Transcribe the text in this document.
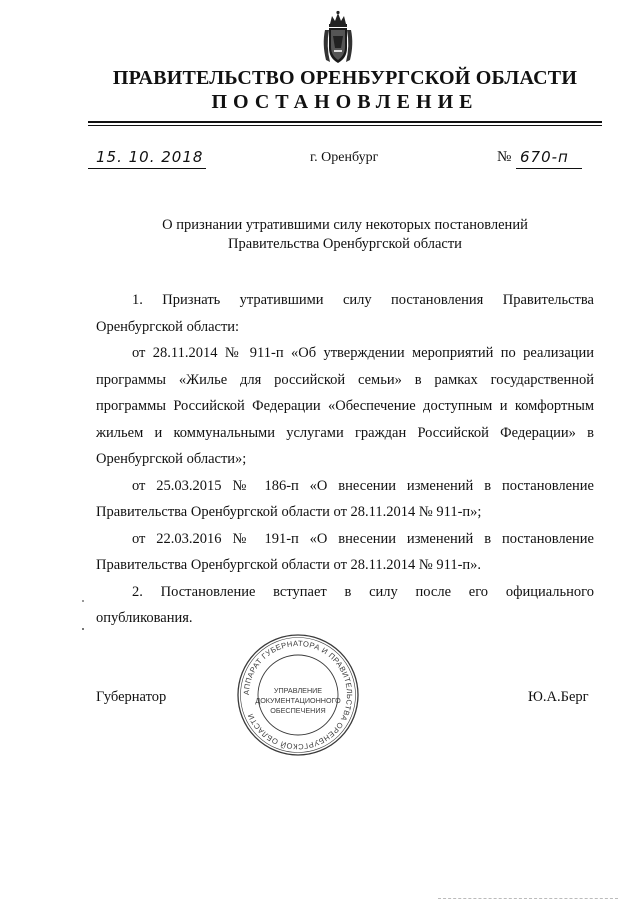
ПРАВИТЕЛЬСТВО ОРЕНБУРГСКОЙ ОБЛАСТИ
ПОСТАНОВЛЕНИЕ
15. 10. 2018	г. Оренбург	№ 670-п
О признании утратившими силу некоторых постановлений
Правительства Оренбургской области

1. Признать утратившими силу постановления Правительства Оренбургской области:

от 28.11.2014 № 911-п «Об утверждении мероприятий по реализации программы «Жилье для российской семьи» в рамках государственной программы Российской Федерации «Обеспечение доступным и комфортным жильем и коммунальными услугами граждан Российской Федерации» в Оренбургской области»;

от 25.03.2015 № 186-п «О внесении изменений в постановление Правительства Оренбургской области от 28.11.2014 № 911-п»;

от 22.03.2016 № 191-п «О внесении изменений в постановление Правительства Оренбургской области от 28.11.2014 № 911-п».

2. Постановление вступает в силу после его официального опубликования.

Губернатор	Ю.А.Берг
АППАРАТ ГУБЕРНАТОРА И ПРАВИТЕЛЬСТВА ОРЕНБУРГСКОЙ ОБЛАСТИ
УПРАВЛЕНИЕ
ДОКУМЕНТАЦИОННОГО
ОБЕСПЕЧЕНИЯ
